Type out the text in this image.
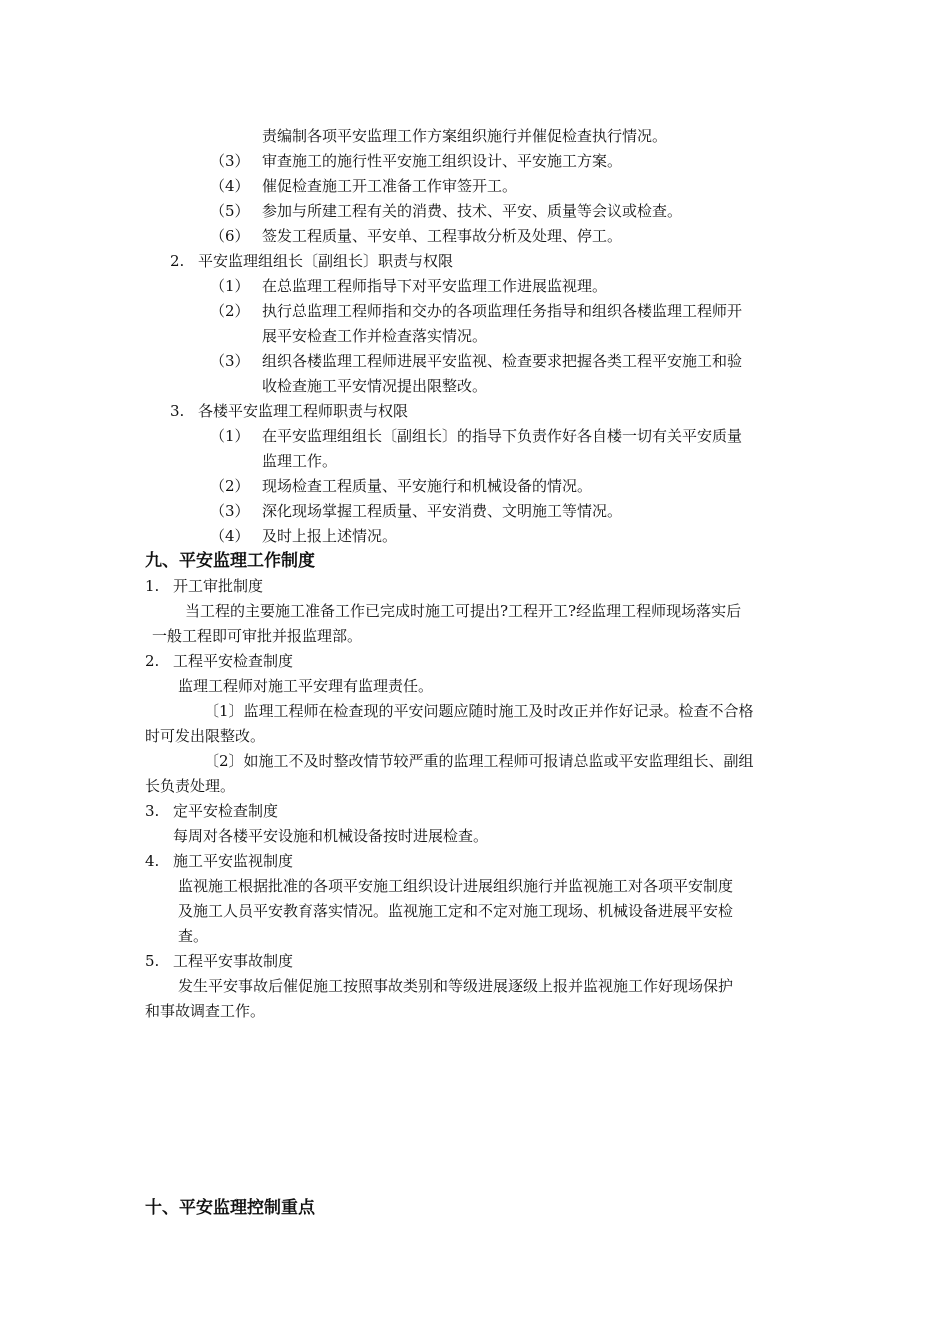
责编制各项平安监理工作方案组织施行并催促检查执行情况。
（3） 审查施工的施行性平安施工组织设计、平安施工方案。
（4） 催促检查施工开工准备工作审签开工。
（5） 参加与所建工程有关的消费、技术、平安、质量等会议或检查。
（6） 签发工程质量、平安单、工程事故分析及处理、停工。
2. 平安监理组组长〔副组长〕职责与权限
（1） 在总监理工程师指导下对平安监理工作进展监视理。
（2） 执行总监理工程师指和交办的各项监理任务指导和组织各楼监理工程师开
展平安检查工作并检查落实情况。
（3） 组织各楼监理工程师进展平安监视、检查要求把握各类工程平安施工和验
收检查施工平安情况提出限整改。
3. 各楼平安监理工程师职责与权限
（1） 在平安监理组组长〔副组长〕的指导下负责作好各自楼一切有关平安质量
监理工作。
（2） 现场检查工程质量、平安施行和机械设备的情况。
（3） 深化现场掌握工程质量、平安消费、文明施工等情况。
（4） 及时上报上述情况。
九、平安监理工作制度
1. 开工审批制度
当工程的主要施工准备工作已完成时施工可提出?工程开工?经监理工程师现场落实后
一般工程即可审批并报监理部。
2. 工程平安检查制度
监理工程师对施工平安理有监理责任。
〔1〕监理工程师在检查现的平安问题应随时施工及时改正并作好记录。检查不合格
时可发出限整改。
〔2〕如施工不及时整改情节较严重的监理工程师可报请总监或平安监理组长、副组
长负责处理。
3. 定平安检查制度
每周对各楼平安设施和机械设备按时进展检查。
4. 施工平安监视制度
监视施工根据批准的各项平安施工组织设计进展组织施行并监视施工对各项平安制度
及施工人员平安教育落实情况。监视施工定和不定对施工现场、机械设备进展平安检
查。
5. 工程平安事故制度
发生平安事故后催促施工按照事故类别和等级进展逐级上报并监视施工作好现场保护
和事故调查工作。
十、平安监理控制重点
